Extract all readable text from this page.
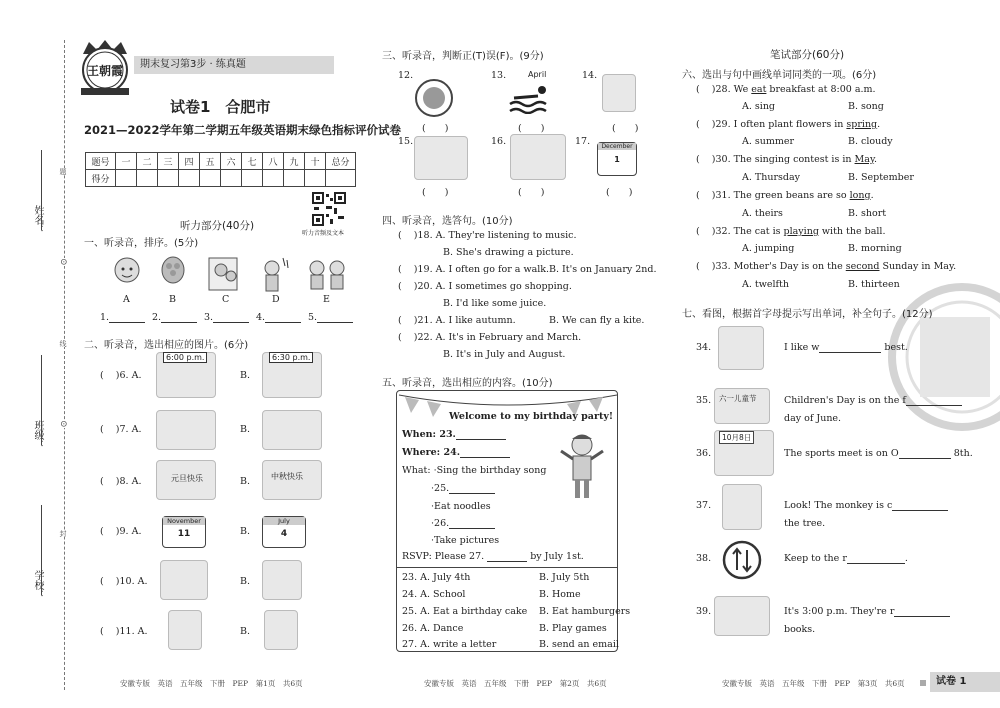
姓名：
班级：
学校：
题
⊙
线
⊙
封
王朝霞	期末复习第3步 · 练真题
试卷1　合肥市
2021—2022学年第二学期五年级英语期末绿色指标评价试卷
题号	一	二	三	四	五	六	七	八	九	十	总分
得分											
听力音频及文本
听力部分(40分)
一、听录音，排序。(5分)
A	B	C	D	E
1.	2.	3.	4.	5.
二、听录音，选出相应的图片。(6分)
(    )6. A.	B.
6:00 p.m.	6:30 p.m.
(    )7. A.	B.
(    )8. A.	B.
元旦快乐	中秋快乐
(    )9. A.	B.
November
11
July
4
(    )10. A.	B.
(    )11. A.	B.
安徽专版　英语　五年级　下册　PEP　第1页　共6页
三、听录音，判断正(T)误(F)。(9分)
12.	13.	14.
April
(　　)	(　　)	(　　)
15.	16.	17.	December
1
(　　)	(　　)	(　　)
四、听录音，选答句。(10分)
(    )18. A. They're listening to music.
B. She's drawing a picture.
(    )19. A. I often go for a walk. B. It's on January 2nd.
(    )20. A. I sometimes go shopping.
B. I'd like some juice.
(    )21. A. I like autumn.	B. We can fly a kite.
(    )22. A. It's in February and March.
B. It's in July and August.
五、听录音，选出相应的内容。(10分)
Welcome to my birthday party!
When: 23.
Where: 24.
What: ·Sing the birthday song
·25.
·Eat noodles
·26.
·Take pictures
RSVP: Please 27.	by July 1st.
23. A. July 4th	B. July 5th
24. A. School	B. Home
25. A. Eat a birthday cake B. Eat hamburgers
26. A. Dance	B. Play games
27. A. write a letter	B. send an email
安徽专版　英语　五年级　下册　PEP　第2页　共6页
笔试部分(60分)
六、选出与句中画线单词同类的一项。(6分)
(    )28. We eat breakfast at 8:00 a.m.
A. sing	B. song
(    )29. I often plant flowers in spring.
A. summer	B. cloudy
(    )30. The singing contest is in May.
A. Thursday	B. September
(    )31. The green beans are so long.
A. theirs	B. short
(    )32. The cat is playing with the ball.
A. jumping	B. morning
(    )33. Mother's Day is on the second Sunday in May.
A. twelfth	B. thirteen
七、看图，根据首字母提示写出单词，补全句子。(12分)
34.	I like w	best.
35. 六一儿童节	Children's Day is on the f
day of June.
36.
10月8日
The sports meet is on O	8th.
37.	Look! The monkey is c
the tree.
38.	Keep to the r	.
39.	It's 3:00 p.m. They're r
books.
安徽专版　英语　五年级　下册　PEP　第3页　共6页	试卷 1
